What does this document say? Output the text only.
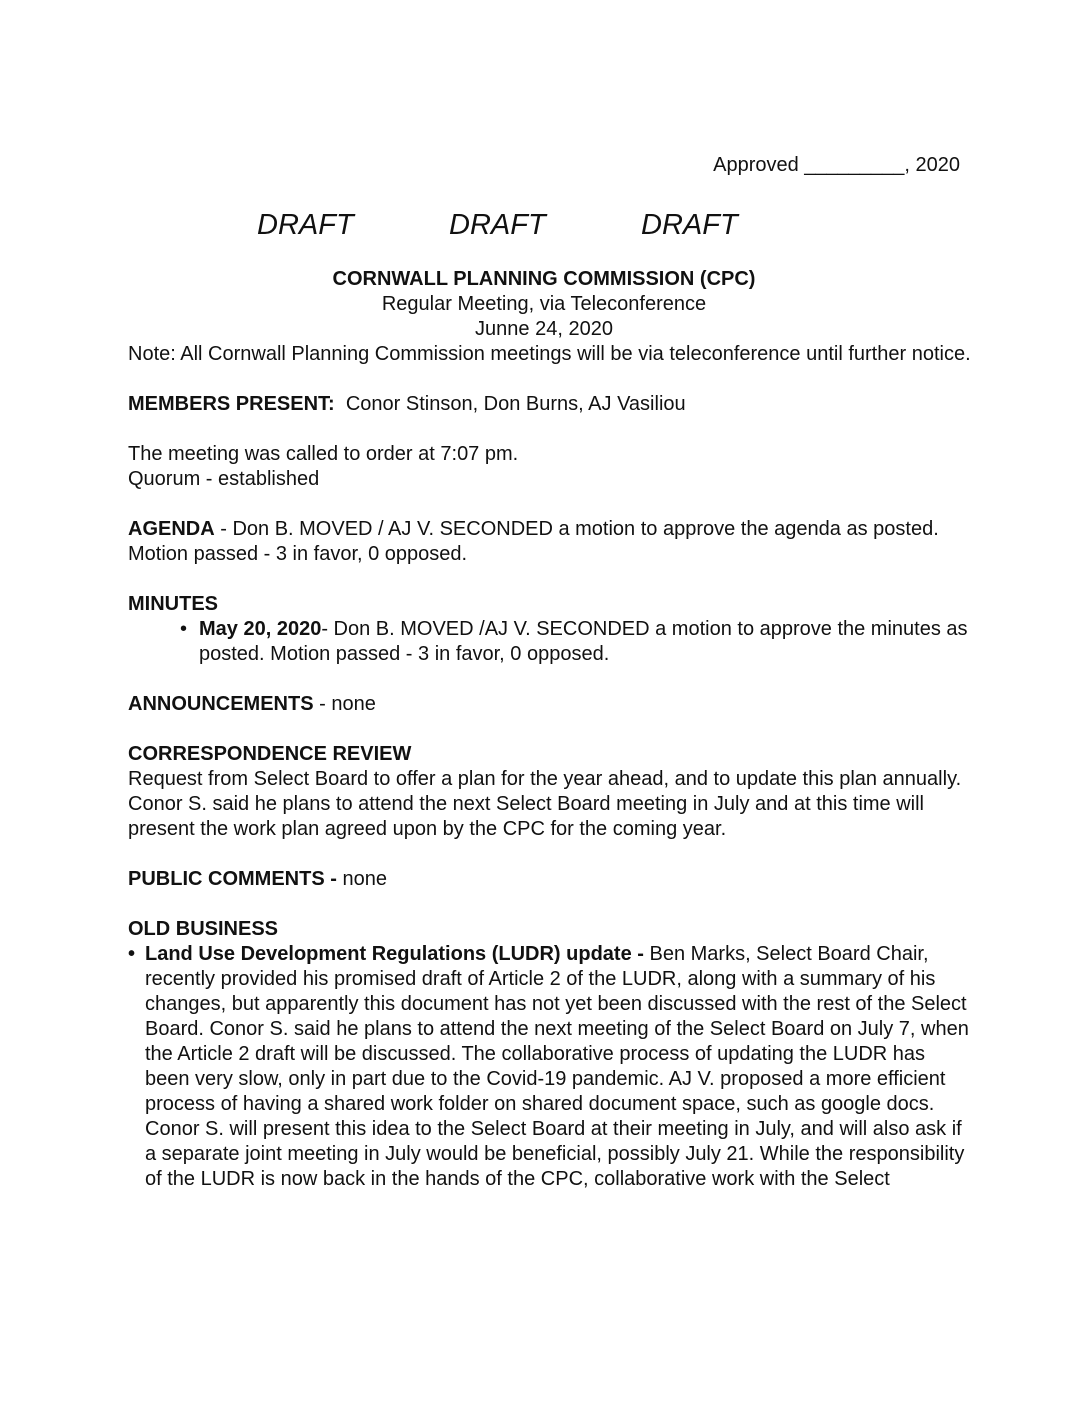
Approved _________, 2020
DRAFT	DRAFT	DRAFT
CORNWALL PLANNING COMMISSION (CPC)
Regular Meeting, via Teleconference
Junne 24, 2020

Note: All Cornwall Planning Commission meetings will be via teleconference until further notice.

MEMBERS PRESENT: Conor Stinson, Don Burns, AJ Vasiliou

The meeting was called to order at 7:07 pm.

Quorum - established

AGENDA - Don B. MOVED / AJ V. SECONDED a motion to approve the agenda as posted. Motion passed - 3 in favor, 0 opposed.

MINUTES

• May 20, 2020- Don B. MOVED /AJ V. SECONDED a motion to approve the minutes as posted. Motion passed - 3 in favor, 0 opposed.

ANNOUNCEMENTS - none

CORRESPONDENCE REVIEW

Request from Select Board to offer a plan for the year ahead, and to update this plan annually. Conor S. said he plans to attend the next Select Board meeting in July and at this time will present the work plan agreed upon by the CPC for the coming year.

PUBLIC COMMENTS - none

OLD BUSINESS

• Land Use Development Regulations (LUDR) update - Ben Marks, Select Board Chair, recently provided his promised draft of Article 2 of the LUDR, along with a summary of his changes, but apparently this document has not yet been discussed with the rest of the Select Board. Conor S. said he plans to attend the next meeting of the Select Board on July 7, when the Article 2 draft will be discussed. The collaborative process of updating the LUDR has been very slow, only in part due to the Covid-19 pandemic. AJ V. proposed a more efficient process of having a shared work folder on shared document space, such as google docs. Conor S. will present this idea to the Select Board at their meeting in July, and will also ask if a separate joint meeting in July would be beneficial, possibly July 21. While the responsibility of the LUDR is now back in the hands of the CPC, collaborative work with the Select
